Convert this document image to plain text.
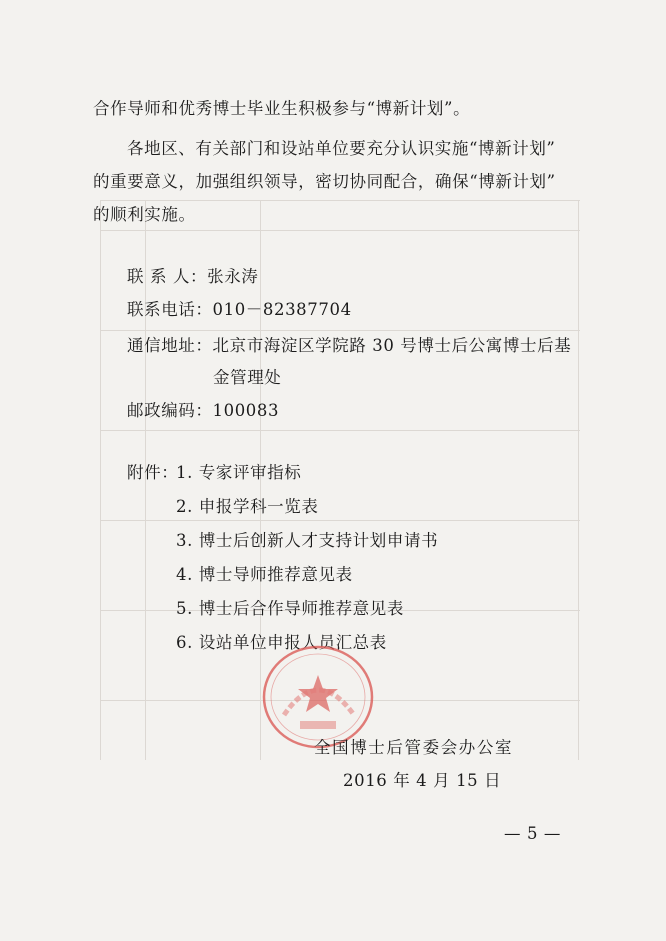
合作导师和优秀博士毕业生积极参与“博新计划”。
各地区、有关部门和设站单位要充分认识实施“博新计划”
的重要意义，加强组织领导，密切协同配合，确保“博新计划”
的顺利实施。
联 系 人：张永涛
联系电话：010－82387704
通信地址：北京市海淀区学院路 30 号博士后公寓博士后基
金管理处
邮政编码：100083
附件：
1. 专家评审指标
2. 申报学科一览表
3. 博士后创新人才支持计划申请书
4. 博士导师推荐意见表
5. 博士后合作导师推荐意见表
6. 设站单位申报人员汇总表
全国博士后管委会办公室
2016 年 4 月 15 日
— 5 —
